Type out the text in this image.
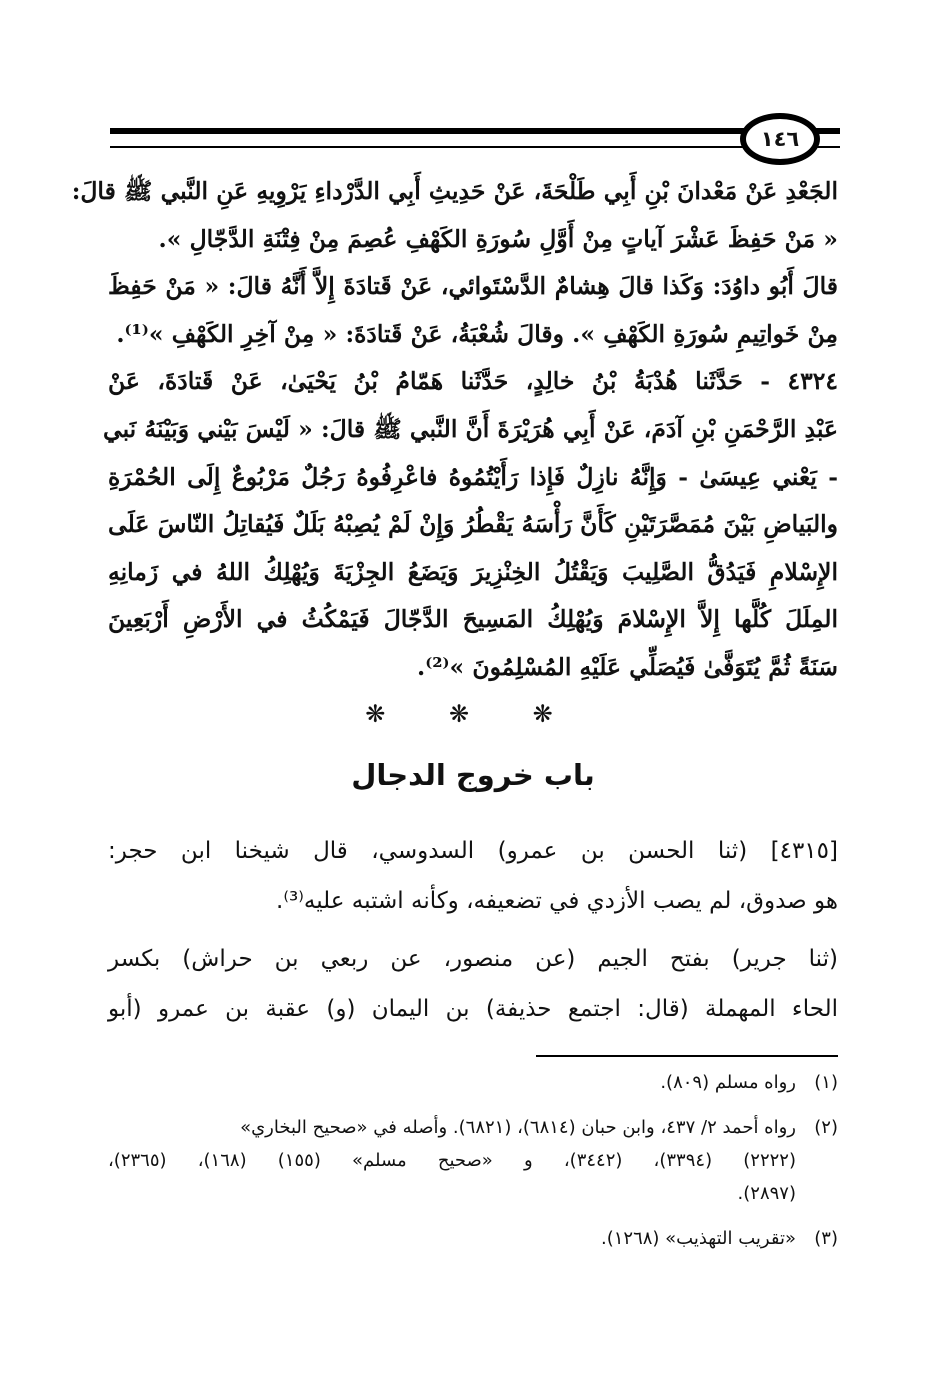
١٤٦
الجَعْدِ عَنْ مَعْدانَ بْنِ أَبِي طَلْحَةَ، عَنْ حَدِيثِ أَبِي الدَّرْداءِ يَرْوِيهِ عَنِ النَّبي ﷺ قالَ:
« مَنْ حَفِظَ عَشْرَ آياتٍ مِنْ أَوَّلِ سُورَةِ الكَهْفِ عُصِمَ مِنْ فِتْنَةِ الدَّجّالِ ».
قالَ أَبُو داوُدَ: وَكَذا قالَ هِشامٌ الدَّسْتَوائي، عَنْ قَتادَةَ إِلاَّ أَنَّهُ قالَ: « مَنْ حَفِظَ
مِنْ خَواتِيمِ سُورَةِ الكَهْفِ ». وقالَ شُعْبَةُ، عَنْ قَتادَةَ: « مِنْ آخِرِ الكَهْفِ »⁽¹⁾.
٤٣٢٤ - حَدَّثَنا هُدْبَةُ بْنُ خالِدٍ، حَدَّثَنا هَمّامُ بْنُ يَحْيَىٰ، عَنْ قَتادَةَ، عَنْ
عَبْدِ الرَّحْمَنِ بْنِ آدَمَ، عَنْ أَبِي هُرَيْرَةَ أَنَّ النَّبي ﷺ قالَ: « لَيْسَ بَيْني وَبَيْنَهُ نَبي
- يَعْني عِيسَىٰ - وَإِنَّهُ نازِلٌ فَإِذا رَأَيْتُمُوهُ فاعْرِفُوهُ رَجُلٌ مَرْبُوعٌ إِلَى الحُمْرَةِ
والبَياضِ بَيْنَ مُمَصَّرَتَيْنِ كَأَنَّ رَأْسَهُ يَقْطُرُ وَإِنْ لَمْ يُصِبْهُ بَلَلٌ فَيُقاتِلُ النّاسَ عَلَى
الإِسْلامِ فَيَدُقُّ الصَّلِيبَ وَيَقْتُلُ الخِنْزِيرَ وَيَضَعُ الجِزْيَةَ وَيُهْلِكُ اللهُ في زَمانِهِ
المِلَلَ كُلَّها إِلاَّ الإِسْلامَ وَيُهْلِكُ المَسِيحَ الدَّجّالَ فَيَمْكُثُ في الأَرْضِ أَرْبَعِينَ
سَنَةً ثُمَّ يُتَوَفَّىٰ فَيُصَلِّي عَلَيْهِ المُسْلِمُونَ »⁽²⁾.
❋ ❋ ❋
باب خروج الدجال
[٤٣١٥] (ثنا الحسن بن عمرو) السدوسي، قال شيخنا ابن حجر:
هو صدوق، لم يصب الأزدي في تضعيفه، وكأنه اشتبه عليه⁽³⁾.
(ثنا جرير) بفتح الجيم (عن منصور، عن ربعي بن حراش) بكسر
الحاء المهملة (قال: اجتمع حذيفة) بن اليمان (و) عقبة بن عمرو (أبو
(١)رواه مسلم (٨٠٩).
(٢)رواه أحمد ٢/ ٤٣٧، وابن حبان (٦٨١٤)، (٦٨٢١). وأصله في «صحيح البخاري»
(٢٢٢٢) (٣٣٩٤)، (٣٤٤٢)، و «صحيح مسلم» (١٥٥) (١٦٨)، (٢٣٦٥)،
(٢٨٩٧).
(٣)«تقريب التهذيب» (١٢٦٨).
